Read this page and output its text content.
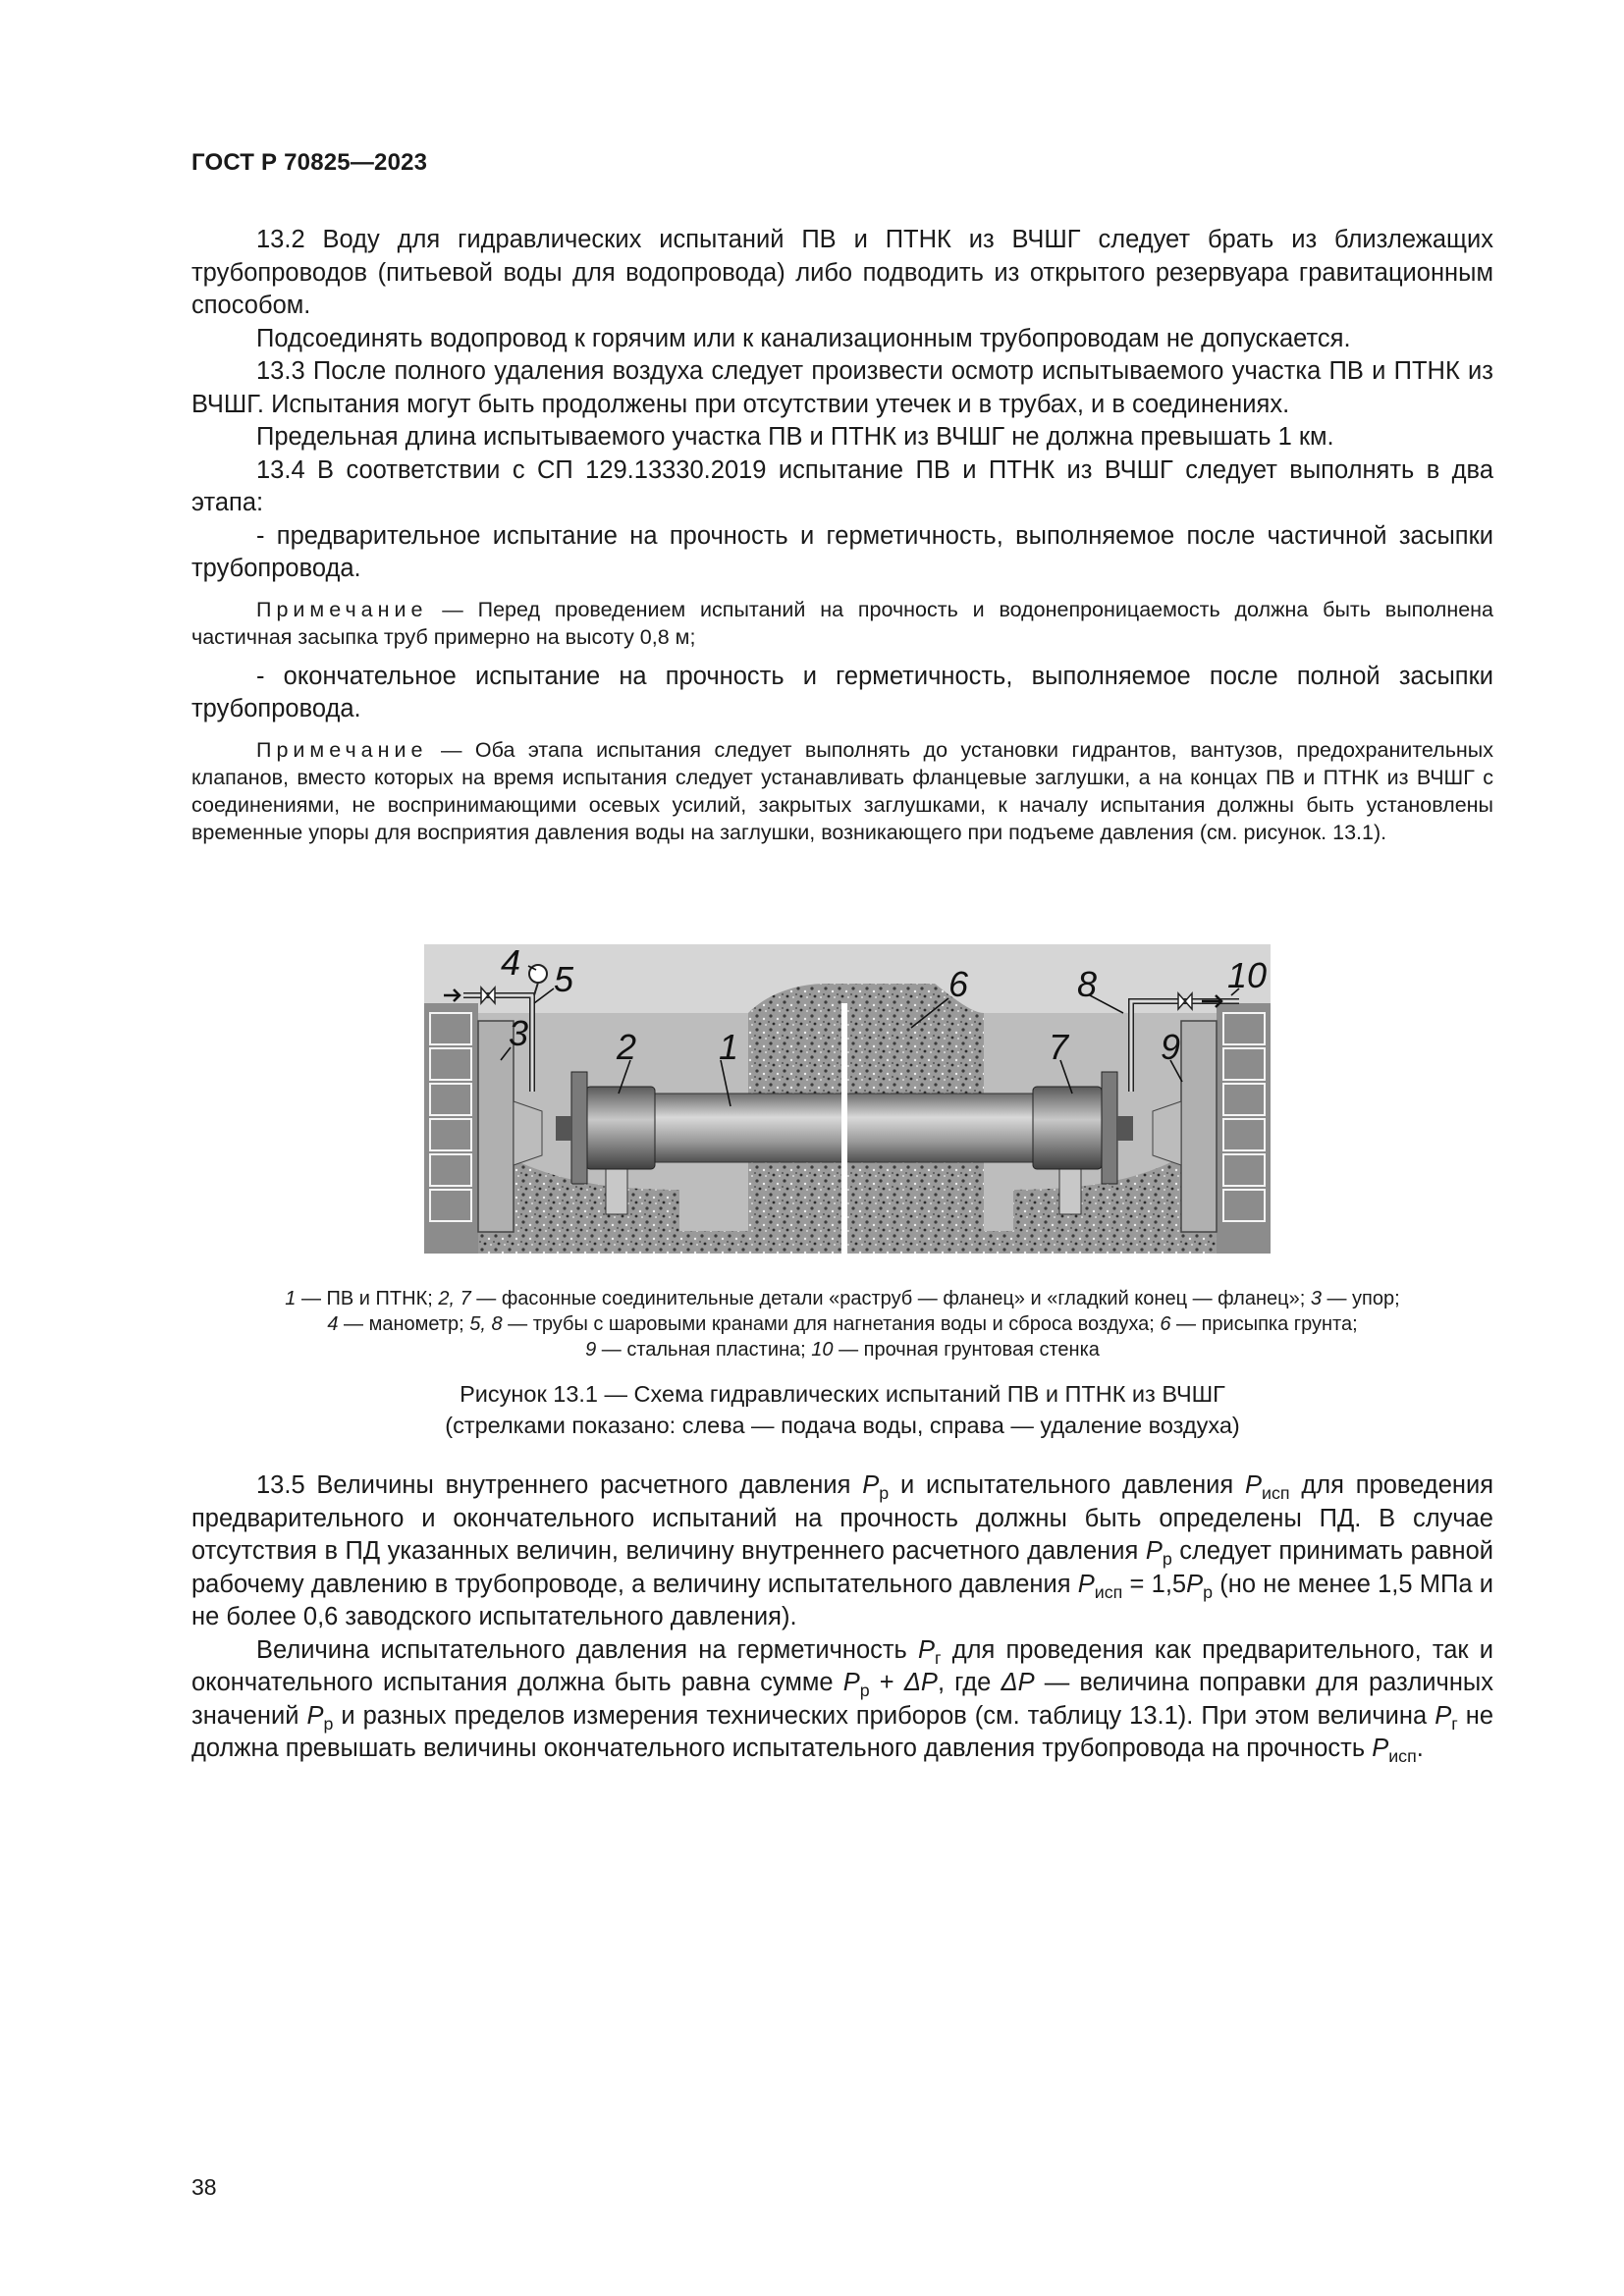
ГОСТ Р 70825—2023

13.2 Воду для гидравлических испытаний ПВ и ПТНК из ВЧШГ следует брать из близлежащих трубопроводов (питьевой воды для водопровода) либо подводить из открытого резервуара гравитационным способом.

Подсоединять водопровод к горячим или к канализационным трубопроводам не допускается.

13.3 После полного удаления воздуха следует произвести осмотр испытываемого участка ПВ и ПТНК из ВЧШГ. Испытания могут быть продолжены при отсутствии утечек и в трубах, и в соединениях.

Предельная длина испытываемого участка ПВ и ПТНК из ВЧШГ не должна превышать 1 км.

13.4 В соответствии с СП 129.13330.2019 испытание ПВ и ПТНК из ВЧШГ следует выполнять в два этапа:

- предварительное испытание на прочность и герметичность, выполняемое после частичной засыпки трубопровода.

Примечание — Перед проведением испытаний на прочность и водонепроницаемость должна быть выполнена частичная засыпка труб примерно на высоту 0,8 м;

- окончательное испытание на прочность и герметичность, выполняемое после полной засыпки трубопровода.

Примечание — Оба этапа испытания следует выполнять до установки гидрантов, вантузов, предохранительных клапанов, вместо которых на время испытания следует устанавливать фланцевые заглушки, а на концах ПВ и ПТНК из ВЧШГ с соединениями, не воспринимающими осевых усилий, закрытых заглушками, к началу испытания должны быть установлены временные упоры для восприятия давления воды на заглушки, возникающего при подъеме давления (см. рисунок. 13.1).

1
2
3
4 5	6
7
8
9
10
1 — ПВ и ПТНК; 2, 7 — фасонные соединительные детали «раструб — фланец» и «гладкий конец — фланец»; 3 — упор;
4 — манометр; 5, 8 — трубы с шаровыми кранами для нагнетания воды и сброса воздуха; 6 — присыпка грунта;
9 — стальная пластина; 10 — прочная грунтовая стенка
Рисунок 13.1 — Схема гидравлических испытаний ПВ и ПТНК из ВЧШГ
(стрелками показано: слева — подача воды, справа — удаление воздуха)

13.5 Величины внутреннего расчетного давления $P_р$ и испытательного давления $P_{исп}$ для проведения предварительного и окончательного испытаний на прочность должны быть определены ПД. В случае отсутствия в ПД указанных величин, величину внутреннего расчетного давления $P_р$ следует принимать равной рабочему давлению в трубопроводе, а величину испытательного давления $P_{исп} = 1,5P_р$ (но не менее 1,5 МПа и не более 0,6 заводского испытательного давления).

Величина испытательного давления на герметичность $P_г$ для проведения как предварительного, так и окончательного испытания должна быть равна сумме $P_р + \Delta P$, где ΔP — величина поправки для различных значений $P_р$ и разных пределов измерения технических приборов (см. таблицу 13.1). При этом величина $P_г$ не должна превышать величины окончательного испытательного давления трубопровода на прочность $P_{исп}$.

38
